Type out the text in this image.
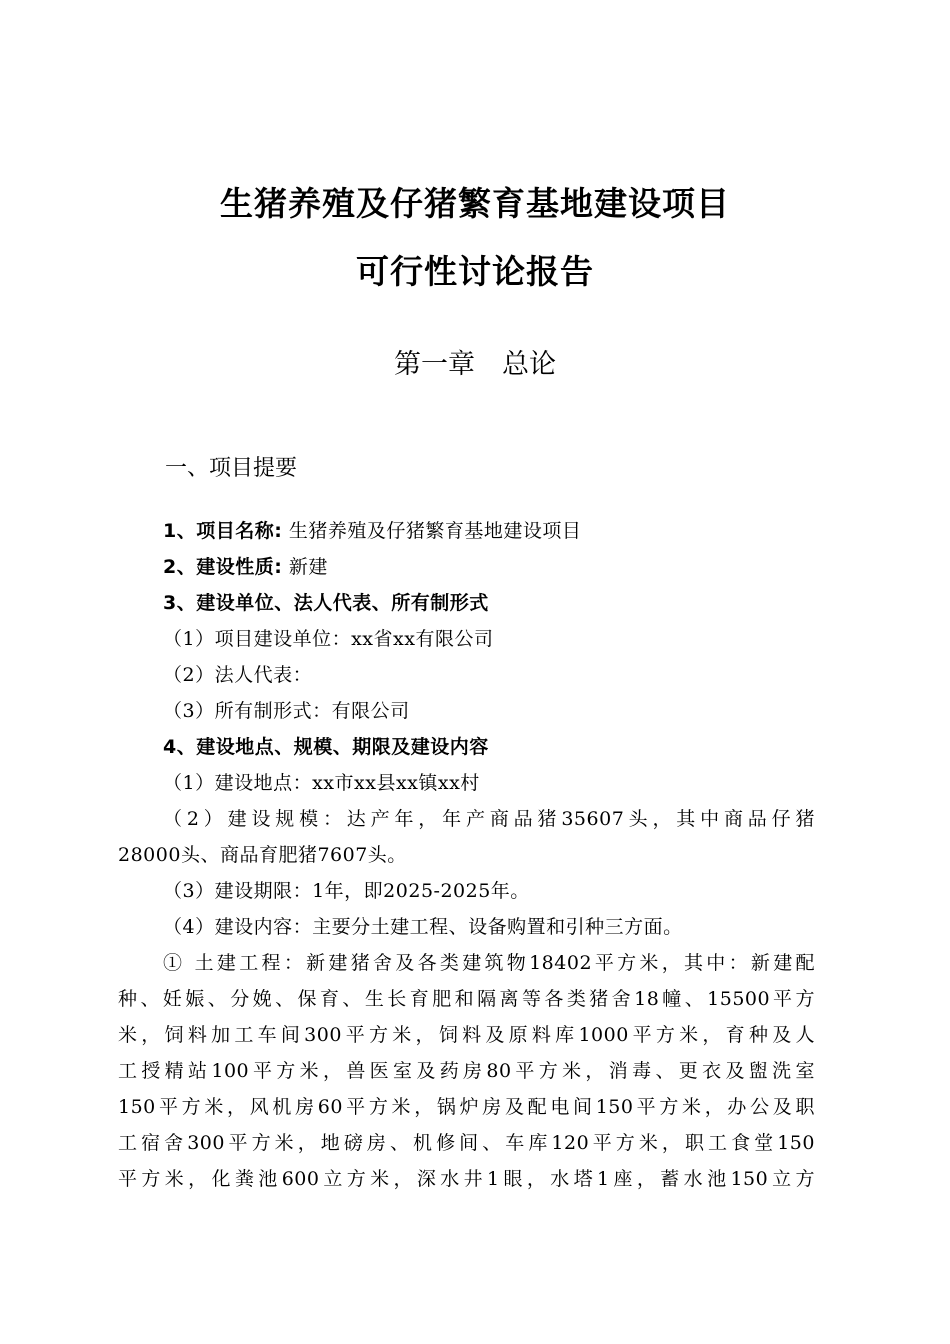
生猪养殖及仔猪繁育基地建设项目
可行性讨论报告
第一章　总论
一、项目提要
1、项目名称: 生猪养殖及仔猪繁育基地建设项目
2、建设性质: 新建
3、建设单位、法人代表、所有制形式
（1）项目建设单位：xx省xx有限公司
（2）法人代表：
（3）所有制形式：有限公司
4、建设地点、规模、期限及建设内容
（1）建设地点：xx市xx县xx镇xx村
（2）建设规模：达产年，年产商品猪35607头，其中商品仔猪
28000头、商品育肥猪7607头。
（3）建设期限：1年，即2025-2025年。
（4）建设内容：主要分土建工程、设备购置和引种三方面。
① 土建工程：新建猪舍及各类建筑物18402平方米，其中：新建配
种、妊娠、分娩、保育、生长育肥和隔离等各类猪舍18幢、15500平方
米，饲料加工车间300平方米，饲料及原料库1000平方米，育种及人
工授精站100平方米，兽医室及药房80平方米，消毒、更衣及盥洗室
150平方米，风机房60平方米，锅炉房及配电间150平方米，办公及职
工宿舍300平方米，地磅房、机修间、车库120平方米，职工食堂150
平方米，化粪池600立方米，深水井1眼，水塔1座，蓄水池150立方
